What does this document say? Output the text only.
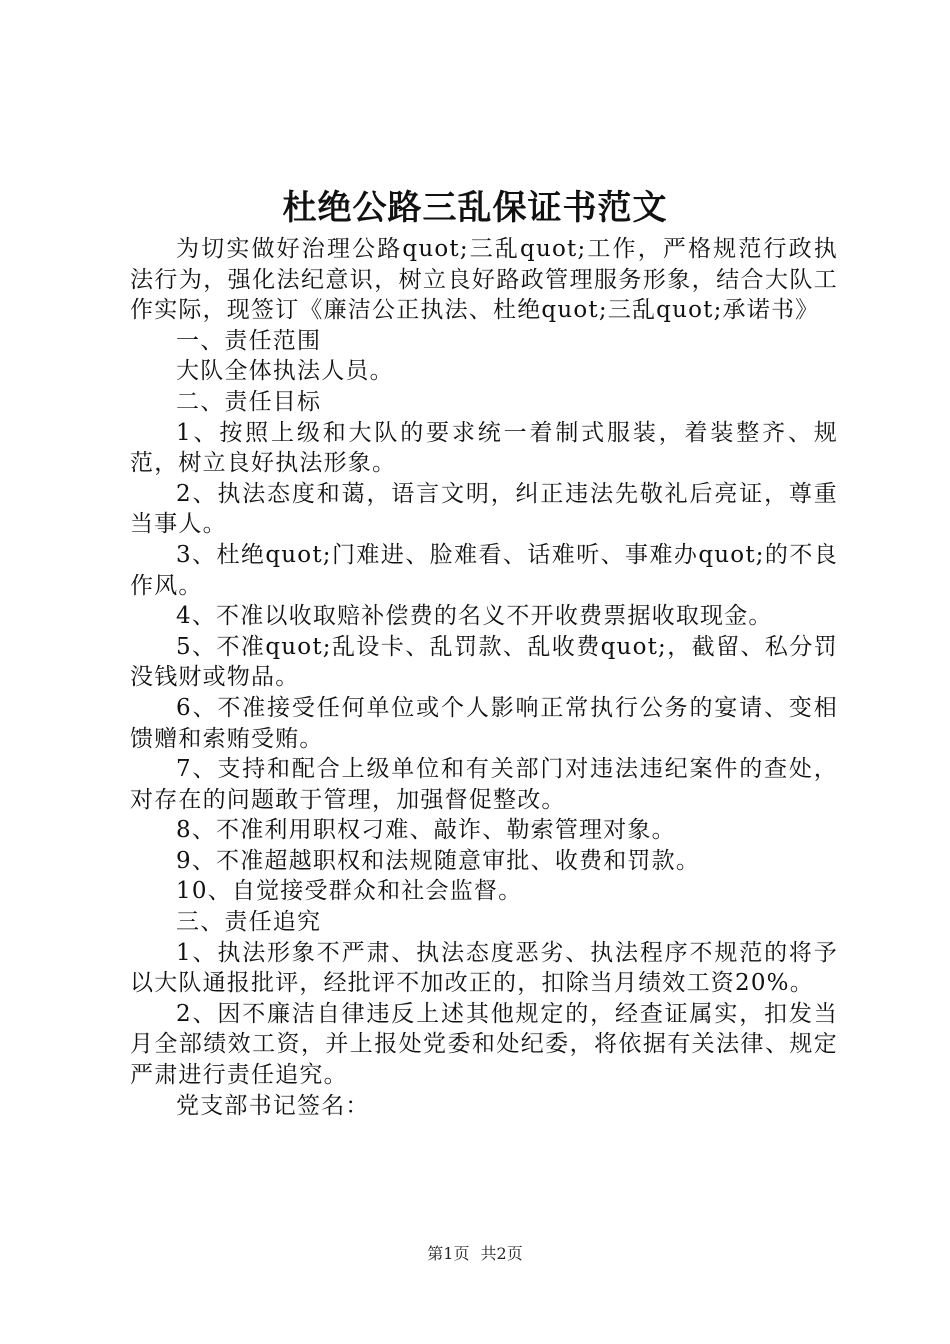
杜绝公路三乱保证书范文

为切实做好治理公路quot;三乱quot;工作，严格规范行政执法行为，强化法纪意识，树立良好路政管理服务形象，结合大队工作实际，现签订《廉洁公正执法、杜绝quot;三乱quot;承诺书》

一、责任范围

大队全体执法人员。

二、责任目标

1、按照上级和大队的要求统一着制式服装，着装整齐、规范，树立良好执法形象。

2、执法态度和蔼，语言文明，纠正违法先敬礼后亮证，尊重当事人。

3、杜绝quot;门难进、脸难看、话难听、事难办quot;的不良作风。

4、不准以收取赔补偿费的名义不开收费票据收取现金。

5、不准quot;乱设卡、乱罚款、乱收费quot;，截留、私分罚没钱财或物品。

6、不准接受任何单位或个人影响正常执行公务的宴请、变相馈赠和索贿受贿。

7、支持和配合上级单位和有关部门对违法违纪案件的查处，对存在的问题敢于管理，加强督促整改。

8、不准利用职权刁难、敲诈、勒索管理对象。

9、不准超越职权和法规随意审批、收费和罚款。

10、自觉接受群众和社会监督。

三、责任追究

1、执法形象不严肃、执法态度恶劣、执法程序不规范的将予以大队通报批评，经批评不加改正的，扣除当月绩效工资20%。

2、因不廉洁自律违反上述其他规定的，经查证属实，扣发当月全部绩效工资，并上报处党委和处纪委，将依据有关法律、规定严肃进行责任追究。

党支部书记签名：

第1页 共2页
